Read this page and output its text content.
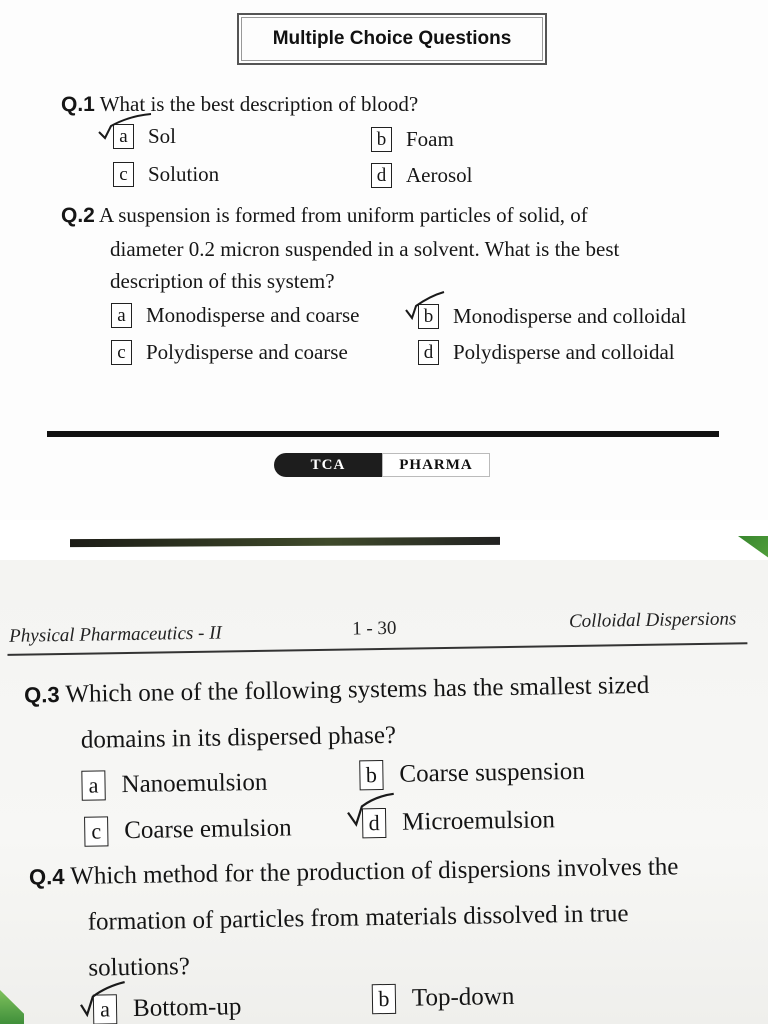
Multiple Choice Questions
Q.1 What is the best description of blood?
a Sol	b Foam
c Solution	d Aerosol
Q.2 A suspension is formed from uniform particles of solid, of
diameter 0.2 micron suspended in a solvent. What is the best
description of this system?
a Monodisperse and coarse	b Monodisperse and colloidal
c Polydisperse and coarse	d Polydisperse and colloidal
TCA	PHARMA
Physical Pharmaceutics - II	1 - 30	Colloidal Dispersions
Q.3 Which one of the following systems has the smallest sized
domains in its dispersed phase?
a Nanoemulsion	b Coarse suspension
c Coarse emulsion	d Microemulsion
Q.4 Which method for the production of dispersions involves the
formation of particles from materials dissolved in true
solutions?
a Bottom-up	b Top-down
